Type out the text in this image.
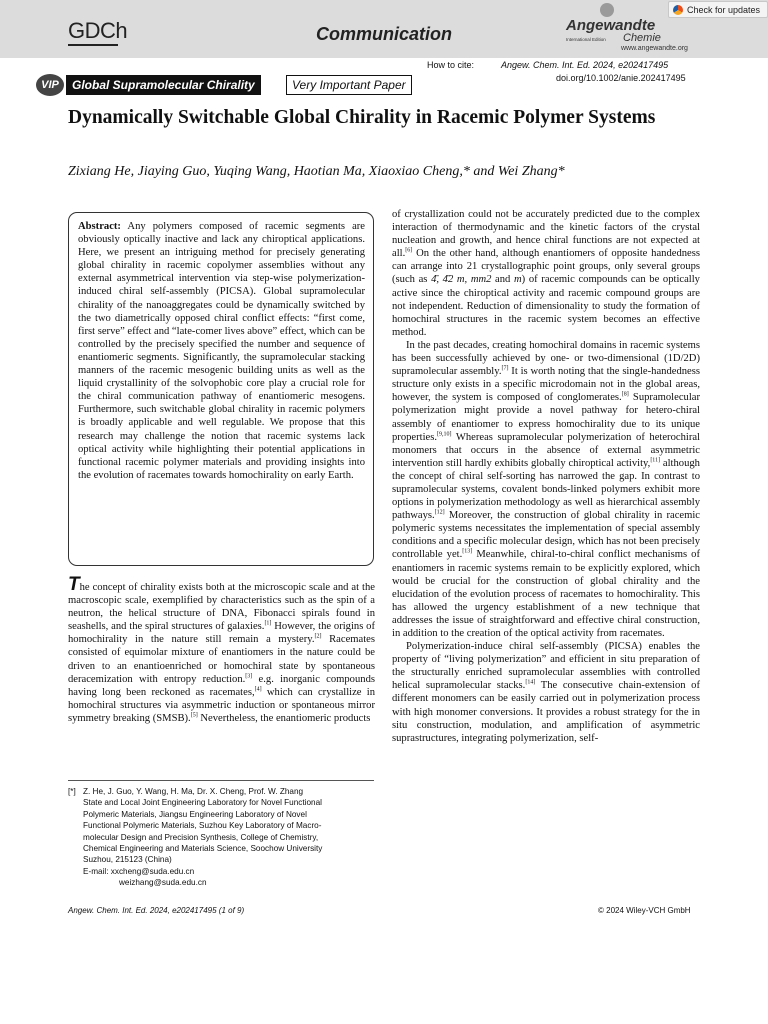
GDCh	Communication	Angewandte
Chemie
International Edition
www.angewandte.org
Check for updates
How to cite:	Angew. Chem. Int. Ed. 2024, e202417495
doi.org/10.1002/anie.202417495
VIP	Global Supramolecular Chirality	Very Important Paper
Dynamically Switchable Global Chirality in Racemic Polymer Systems
Zixiang He, Jiaying Guo, Yuqing Wang, Haotian Ma, Xiaoxiao Cheng,* and Wei Zhang*

Abstract: Any polymers composed of racemic segments are obviously optically inactive and lack any chiroptical applications. Here, we present an intriguing method for precisely generating global chirality in racemic copolymer assemblies without any external asymmetrical intervention via step-wise polymerization-induced chiral self-assembly (PICSA). Global supramolecular chirality of the nanoaggregates could be dynamically switched by the two diametrically opposed chiral conflict effects: “first come, first serve” effect and “late-comer lives above” effect, which can be controlled by the precisely specified the number and sequence of enantiomeric segments. Significantly, the supramolecular stacking manners of the racemic mesogenic building units as well as the liquid crystallinity of the solvophobic core play a crucial role for the chiral communication pathway of enantiomeric mesogens. Furthermore, such switchable global chirality in racemic polymers is broadly applicable and well regulable. We propose that this research may challenge the notion that racemic systems lack optical activity while highlighting their potential applications in functional racemic polymer materials and providing insights into the evolution of racemates towards homochirality on early Earth.

The concept of chirality exists both at the microscopic scale and at the macroscopic scale, exemplified by characteristics such as the spin of a neutron, the helical structure of DNA, Fibonacci spirals found in seashells, and the spiral structures of galaxies.[1] However, the origins of homochirality in the nature still remain a mystery.[2] Racemates consisted of equimolar mixture of enantiomers in the nature could be driven to an enantioenriched or homochiral state by spontaneous deracemization with entropy reduction.[3] e.g. inorganic compounds having long been reckoned as racemates,[4] which can crystallize in homochiral structures via asymmetric induction or spontaneous mirror symmetry breaking (SMSB).[5] Nevertheless, the enantiomeric products

of crystallization could not be accurately predicted due to the complex interaction of thermodynamic and the kinetic factors of the crystal nucleation and growth, and hence chiral functions are not expected at all.[6] On the other hand, although enantiomers of opposite handedness can arrange into 21 crystallographic point groups, only several groups (such as 4̄, 4̄2 m, mm2 and m) of racemic compounds can be optically active since the chiroptical activity and racemic compound groups are not independent. Reduction of dimensionality to study the formation of homochiral structures in the racemic system becomes an effective method.

In the past decades, creating homochiral domains in racemic systems has been successfully achieved by one- or two-dimensional (1D/2D) supramolecular assembly.[7] It is worth noting that the single-handedness structure only exists in a specific microdomain not in the global areas, however, the system is composed of conglomerates.[8] Supramolecular polymerization might provide a novel pathway for hetero-chiral assembly of enantiomer to express homochirality due to its unique properties.[9,10] Whereas supramolecular polymerization of heterochiral monomers that occurs in the absence of external asymmetric intervention still hardly exhibits globally chiroptical activity,[11] although the concept of chiral self-sorting has narrowed the gap. In contrast to supramolecular systems, covalent bonds-linked polymers exhibit more options in polymerization methodology as well as hierarchical assembly pathways.[12] Moreover, the construction of global chirality in racemic polymeric systems necessitates the implementation of special assembly conditions and a specific molecular design, which has not been precisely controllable yet.[13] Meanwhile, chiral-to-chiral conflict mechanisms of enantiomers in racemic systems remain to be explicitly explored, which would be crucial for the construction of global chirality and the elucidation of the evolution process of racemates to homochirality. This has allowed the urgency establishment of a new technique that addresses the issue of straightforward and effective chiral construction, in addition to the creation of the optical activity from racemates.

Polymerization-induce chiral self-assembly (PICSA) enables the property of “living polymerization” and efficient in situ preparation of the structurally enriched supramolecular assemblies with controlled helical supramolecular stacks.[14] The consecutive chain-extension of different monomers can be easily carried out in polymerization process with high monomer conversions. It provides a robust strategy for the in situ construction, modulation, and amplification of asymmetric suprastructures, integrating polymerization, self-

[*] Z. He, J. Guo, Y. Wang, H. Ma, Dr. X. Cheng, Prof. W. Zhang
State and Local Joint Engineering Laboratory for Novel Functional
Polymeric Materials, Jiangsu Engineering Laboratory of Novel
Functional Polymeric Materials, Suzhou Key Laboratory of Macro-
molecular Design and Precision Synthesis, College of Chemistry,
Chemical Engineering and Materials Science, Soochow University
Suzhou, 215123 (China)
E-mail: xxcheng@suda.edu.cn
weizhang@suda.edu.cn
Angew. Chem. Int. Ed. 2024, e202417495 (1 of 9)	© 2024 Wiley-VCH GmbH
